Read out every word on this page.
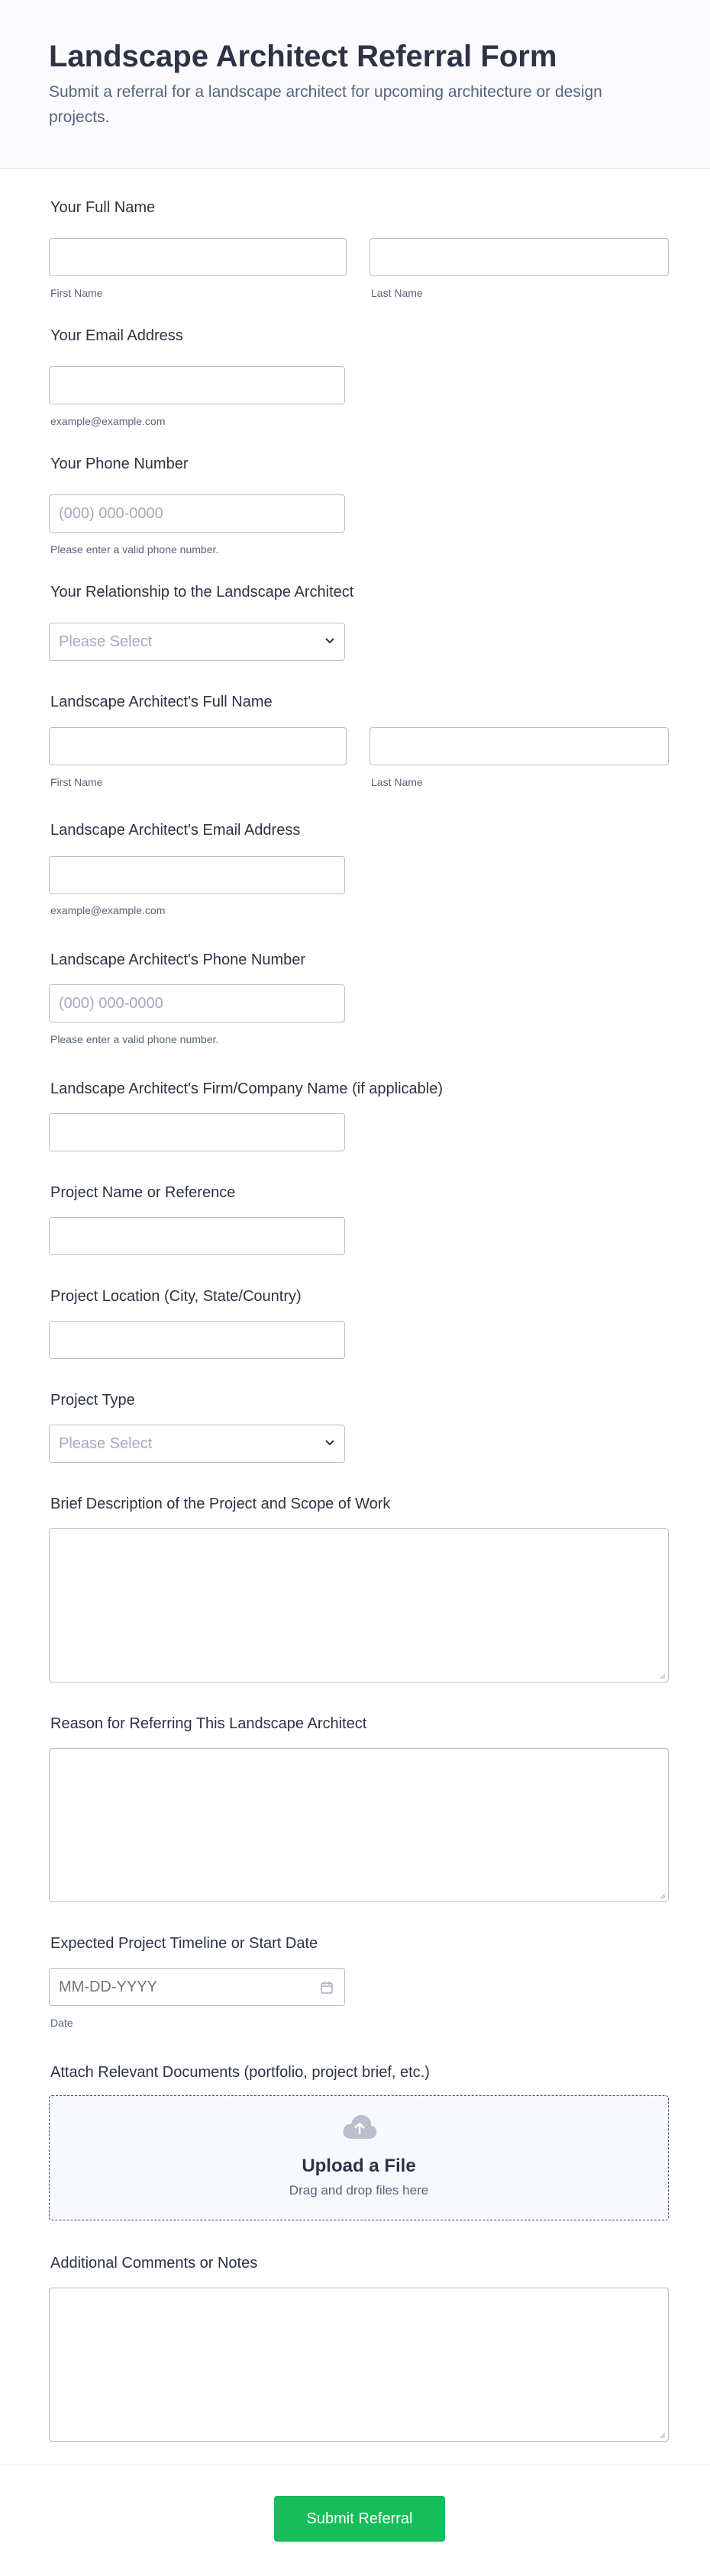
Landscape Architect Referral Form

Submit a referral for a landscape architect for upcoming architecture or design projects.

Your Full Name
First Name	Last Name
Your Email Address
example@example.com
Your Phone Number
(000) 000-0000
Please enter a valid phone number.
Your Relationship to the Landscape Architect
Please Select
Landscape Architect's Full Name
First Name	Last Name
Landscape Architect's Email Address
example@example.com
Landscape Architect's Phone Number
(000) 000-0000
Please enter a valid phone number.
Landscape Architect's Firm/Company Name (if applicable)
Project Name or Reference
Project Location (City, State/Country)
Project Type
Please Select
Brief Description of the Project and Scope of Work
Reason for Referring This Landscape Architect
Expected Project Timeline or Start Date
MM-DD-YYYY
Date
Attach Relevant Documents (portfolio, project brief, etc.)
Upload a File
Drag and drop files here
Additional Comments or Notes
Submit Referral
